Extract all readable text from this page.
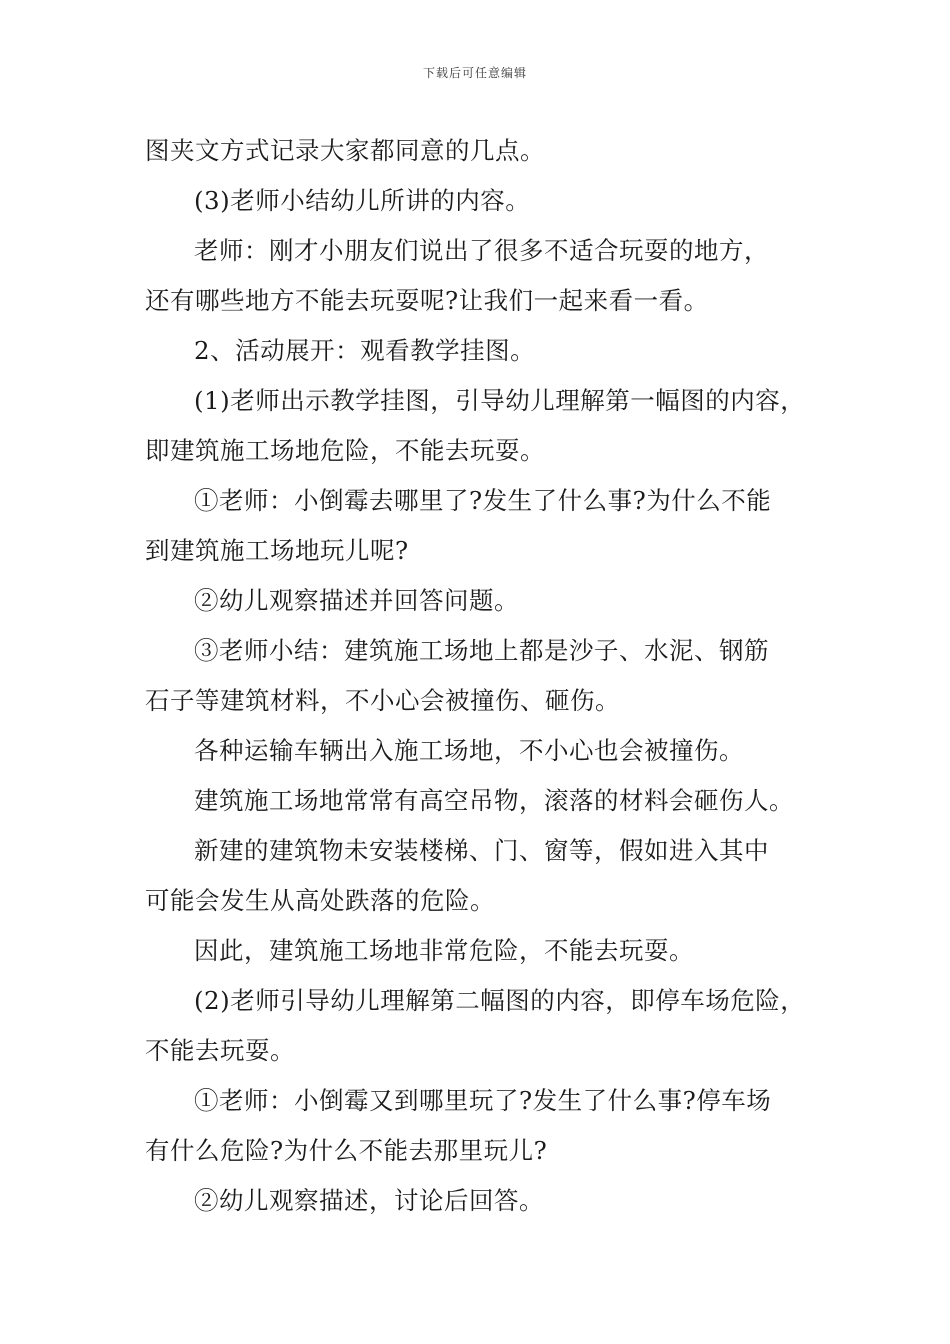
下载后可任意编辑
图夹文方式记录大家都同意的几点。
(3)老师小结幼儿所讲的内容。
老师：刚才小朋友们说出了很多不适合玩耍的地方，
还有哪些地方不能去玩耍呢?让我们一起来看一看。
2、活动展开：观看教学挂图。
(1)老师出示教学挂图，引导幼儿理解第一幅图的内容，
即建筑施工场地危险，不能去玩耍。
①老师：小倒霉去哪里了?发生了什么事?为什么不能
到建筑施工场地玩儿呢?
②幼儿观察描述并回答问题。
③老师小结：建筑施工场地上都是沙子、水泥、钢筋
石子等建筑材料，不小心会被撞伤、砸伤。
各种运输车辆出入施工场地，不小心也会被撞伤。
建筑施工场地常常有高空吊物，滚落的材料会砸伤人。
新建的建筑物未安装楼梯、门、窗等，假如进入其中
可能会发生从高处跌落的危险。
因此，建筑施工场地非常危险，不能去玩耍。
(2)老师引导幼儿理解第二幅图的内容，即停车场危险，
不能去玩耍。
①老师：小倒霉又到哪里玩了?发生了什么事?停车场
有什么危险?为什么不能去那里玩儿?
②幼儿观察描述，讨论后回答。
